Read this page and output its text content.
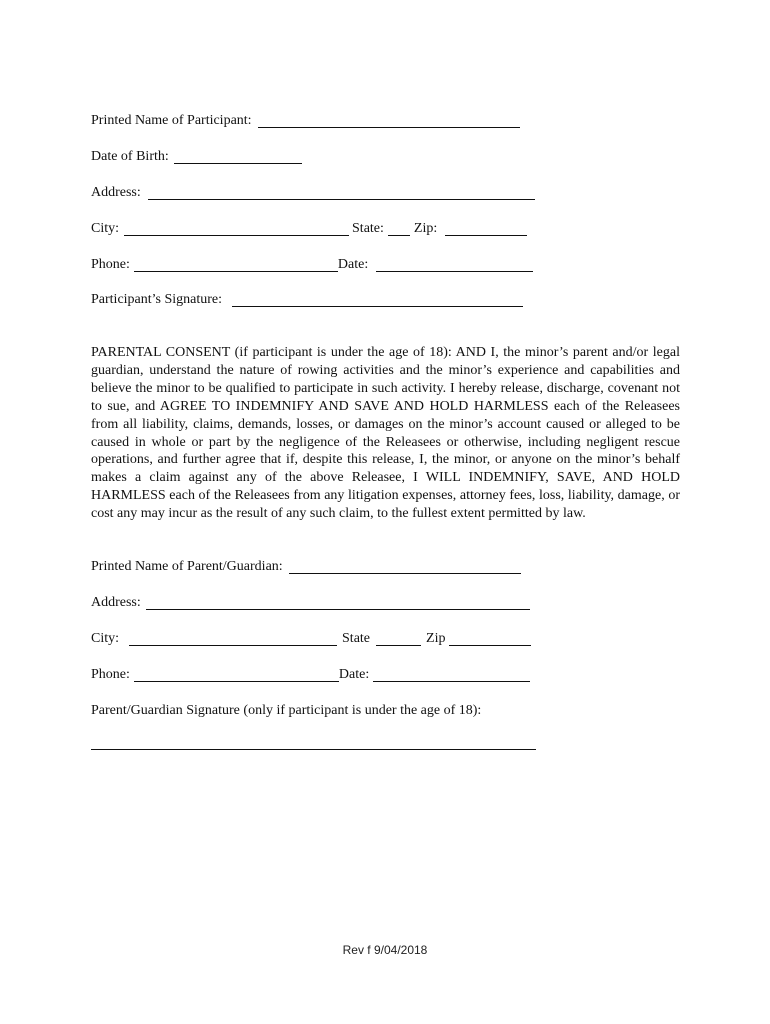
Printed Name of Participant:
Date of Birth:
Address:
City:	State: Zip:
Phone:	Date:
Participant’s Signature:

PARENTAL CONSENT (if participant is under the age of 18): AND I, the minor’s parent and/or legal guardian, understand the nature of rowing activities and the minor’s experience and capabilities and believe the minor to be qualified to participate in such activity. I hereby release, discharge, covenant not to sue, and AGREE TO INDEMNIFY AND SAVE AND HOLD HARMLESS each of the Releasees from all liability, claims, demands, losses, or damages on the minor’s account caused or alleged to be caused in whole or part by the negligence of the Releasees or otherwise, including negligent rescue operations, and further agree that if, despite this release, I, the minor, or anyone on the minor’s behalf makes a claim against any of the above Releasee, I WILL INDEMNIFY, SAVE, AND HOLD HARMLESS each of the Releasees from any litigation expenses, attorney fees, loss, liability, damage, or cost any may incur as the result of any such claim, to the fullest extent permitted by law.

Printed Name of Parent/Guardian:
Address:
City:	State	Zip
Phone:	Date:
Parent/Guardian Signature (only if participant is under the age of 18):
Rev f 9/04/2018
